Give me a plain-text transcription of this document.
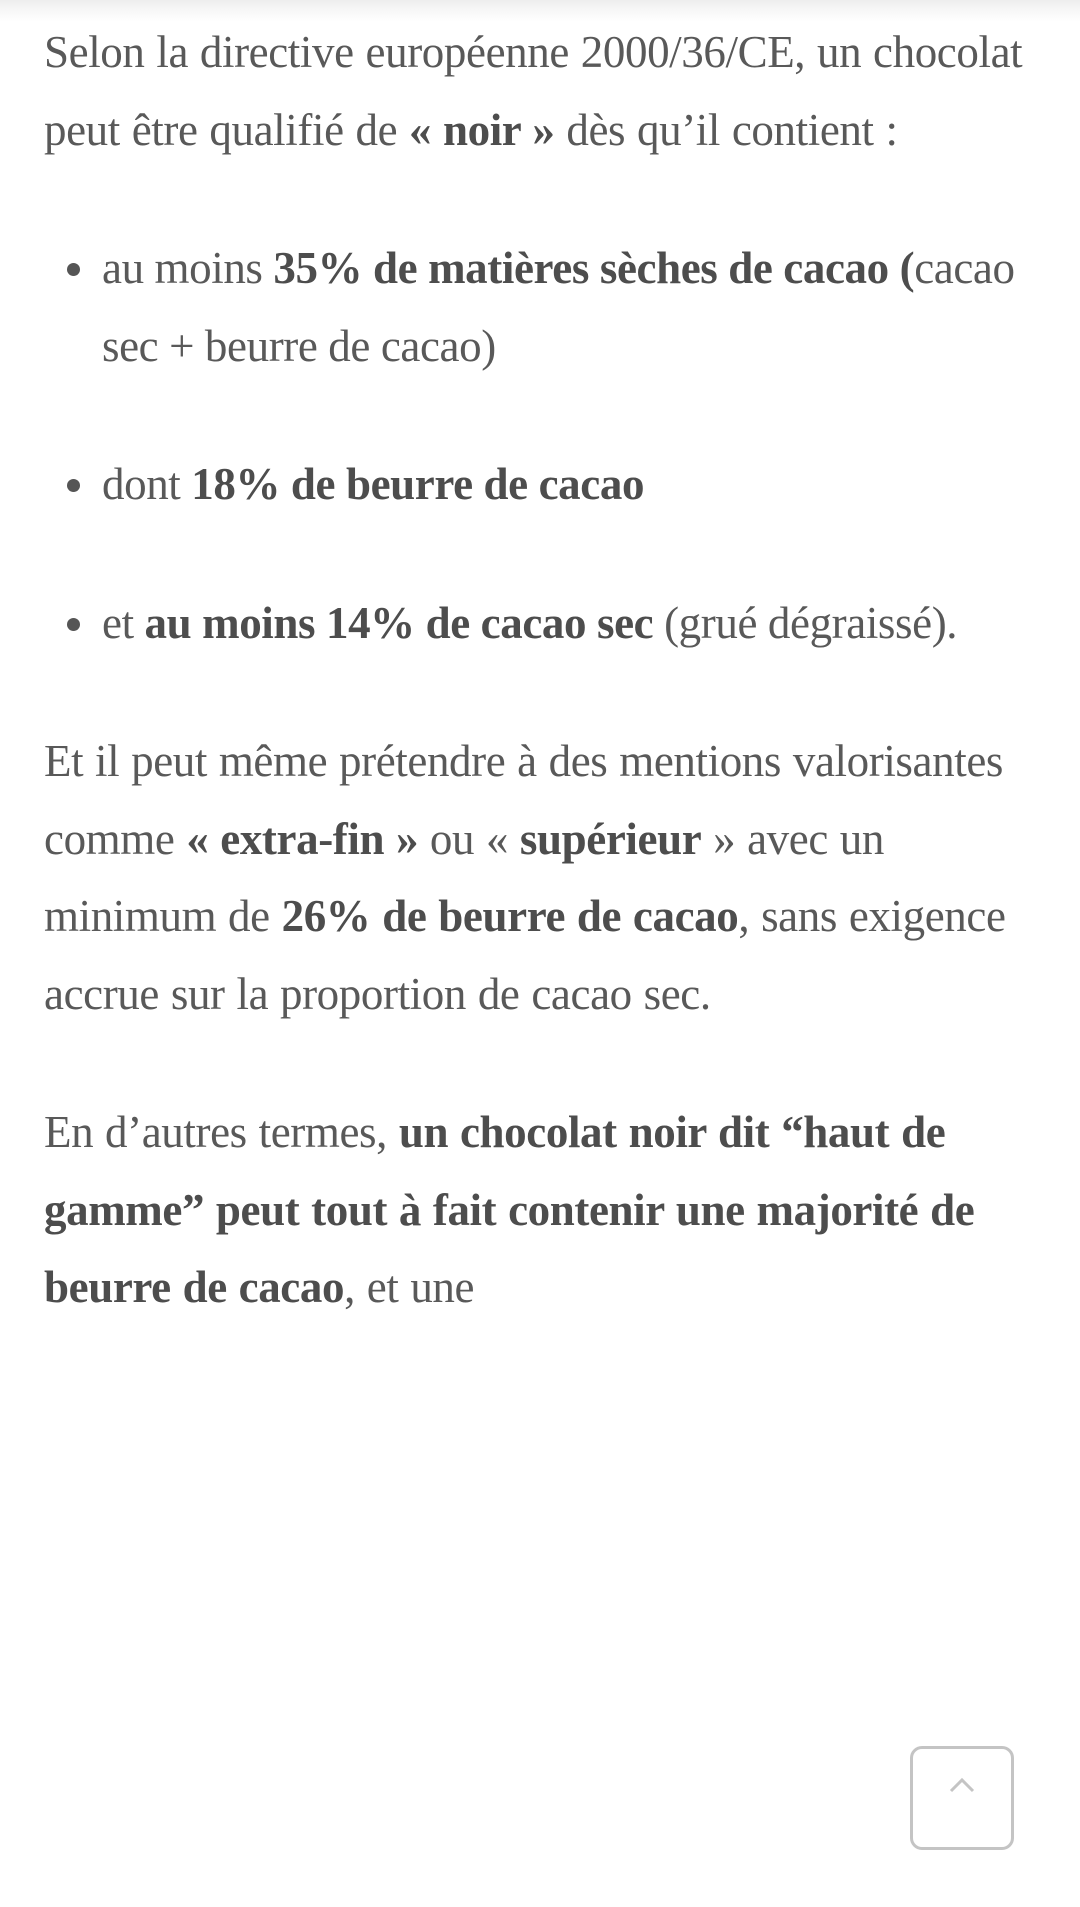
Selon la directive européenne 2000/36/CE, un chocolat peut être qualifié de « noir » dès qu’il contient :

au moins 35% de matières sèches de cacao (cacao sec + beurre de cacao)
dont 18% de beurre de cacao
et au moins 14% de cacao sec (grué dégraissé).

Et il peut même prétendre à des mentions valorisantes comme « extra-fin » ou « supérieur » avec un minimum de 26% de beurre de cacao, sans exigence accrue sur la proportion de cacao sec.

En d’autres termes, un chocolat noir dit “haut de gamme” peut tout à fait contenir une majorité de beurre de cacao, et une
